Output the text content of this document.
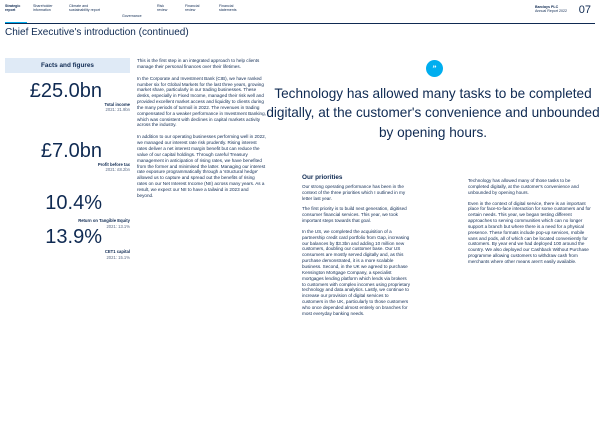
Strategic
report
Shareholder
information
Climate and
sustainability report
Governance
Risk
review
Financial
review
Financial
statements
Barclays PLC
Annual Report 2022 07
Chief Executive's introduction (continued)
Facts and figures
£25.0bn
Total income
2021: 21.9bn
£7.0bn
Profit before tax
2021: £8.2bn
10.4%
Return on Tangible Equity
2021: 13.1%
13.9%
CET1 capital
2021: 15.1%

This is the first step in an integrated approach to help clients manage their personal finances over their lifetimes.

In the Corporate and Investment Bank (CIB), we have ranked number six for Global Markets for the last three years, growing market share, particularly in our trading businesses. These desks, especially in Fixed Income, managed their risk well and provided excellent market access and liquidity to clients during the many periods of turmoil in 2022. The revenues in trading compensated for a weaker performance in Investment Banking, which was consistent with declines in capital markets activity across the industry.

In addition to our operating businesses performing well in 2022, we managed our interest rate risk prudently. Rising interest rates deliver a net interest margin benefit but can reduce the value of our capital holdings. Through careful Treasury management in anticipation of rising rates, we have benefited from the former and minimised the latter. Managing our interest rate exposure programmatically through a 'structural hedge' allowed us to capture and spread out the benefits of rising rates on our Net Interest Income (NII) across many years. As a result, we expect our NII to have a tailwind in 2023 and beyond.

”
Technology has allowed many tasks to be completed digitally, at the customer's convenience and unbounded by opening hours.
Our priorities

Our strong operating performance has been in the context of the three priorities which I outlined in my letter last year.

The first priority is to build next generation, digitised consumer financial services. This year, we took important steps towards that goal.

In the US, we completed the acquisition of a partnership credit card portfolio from Gap, increasing our balances by $3.3bn and adding 10 million new customers, doubling our customer base. Our US consumers are mostly served digitally and, as this purchase demonstrated, it is a more scalable business. Second, in the UK we agreed to purchase Kensington Mortgage Company, a specialist mortgages lending platform which lends via brokers to customers with complex incomes using proprietary technology and data analytics. Lastly, we continue to increase our provision of digital services to customers in the UK, particularly to those customers who once depended almost entirely on branches for most everyday banking needs.

Technology has allowed many of those tasks to be completed digitally, at the customer's convenience and unbounded by opening hours.

Even in the context of digital service, there is an important place for face-to-face interaction for some customers and for certain needs. This year, we began testing different approaches to serving communities which can no longer support a branch but where there is a need for a physical presence. These formats include pop-up services, mobile vans and pods, all of which can be located conveniently for customers. By year end we had deployed 100 around the country. We also deployed our Cashback Without Purchase programme allowing customers to withdraw cash from merchants where other means aren't easily available.
